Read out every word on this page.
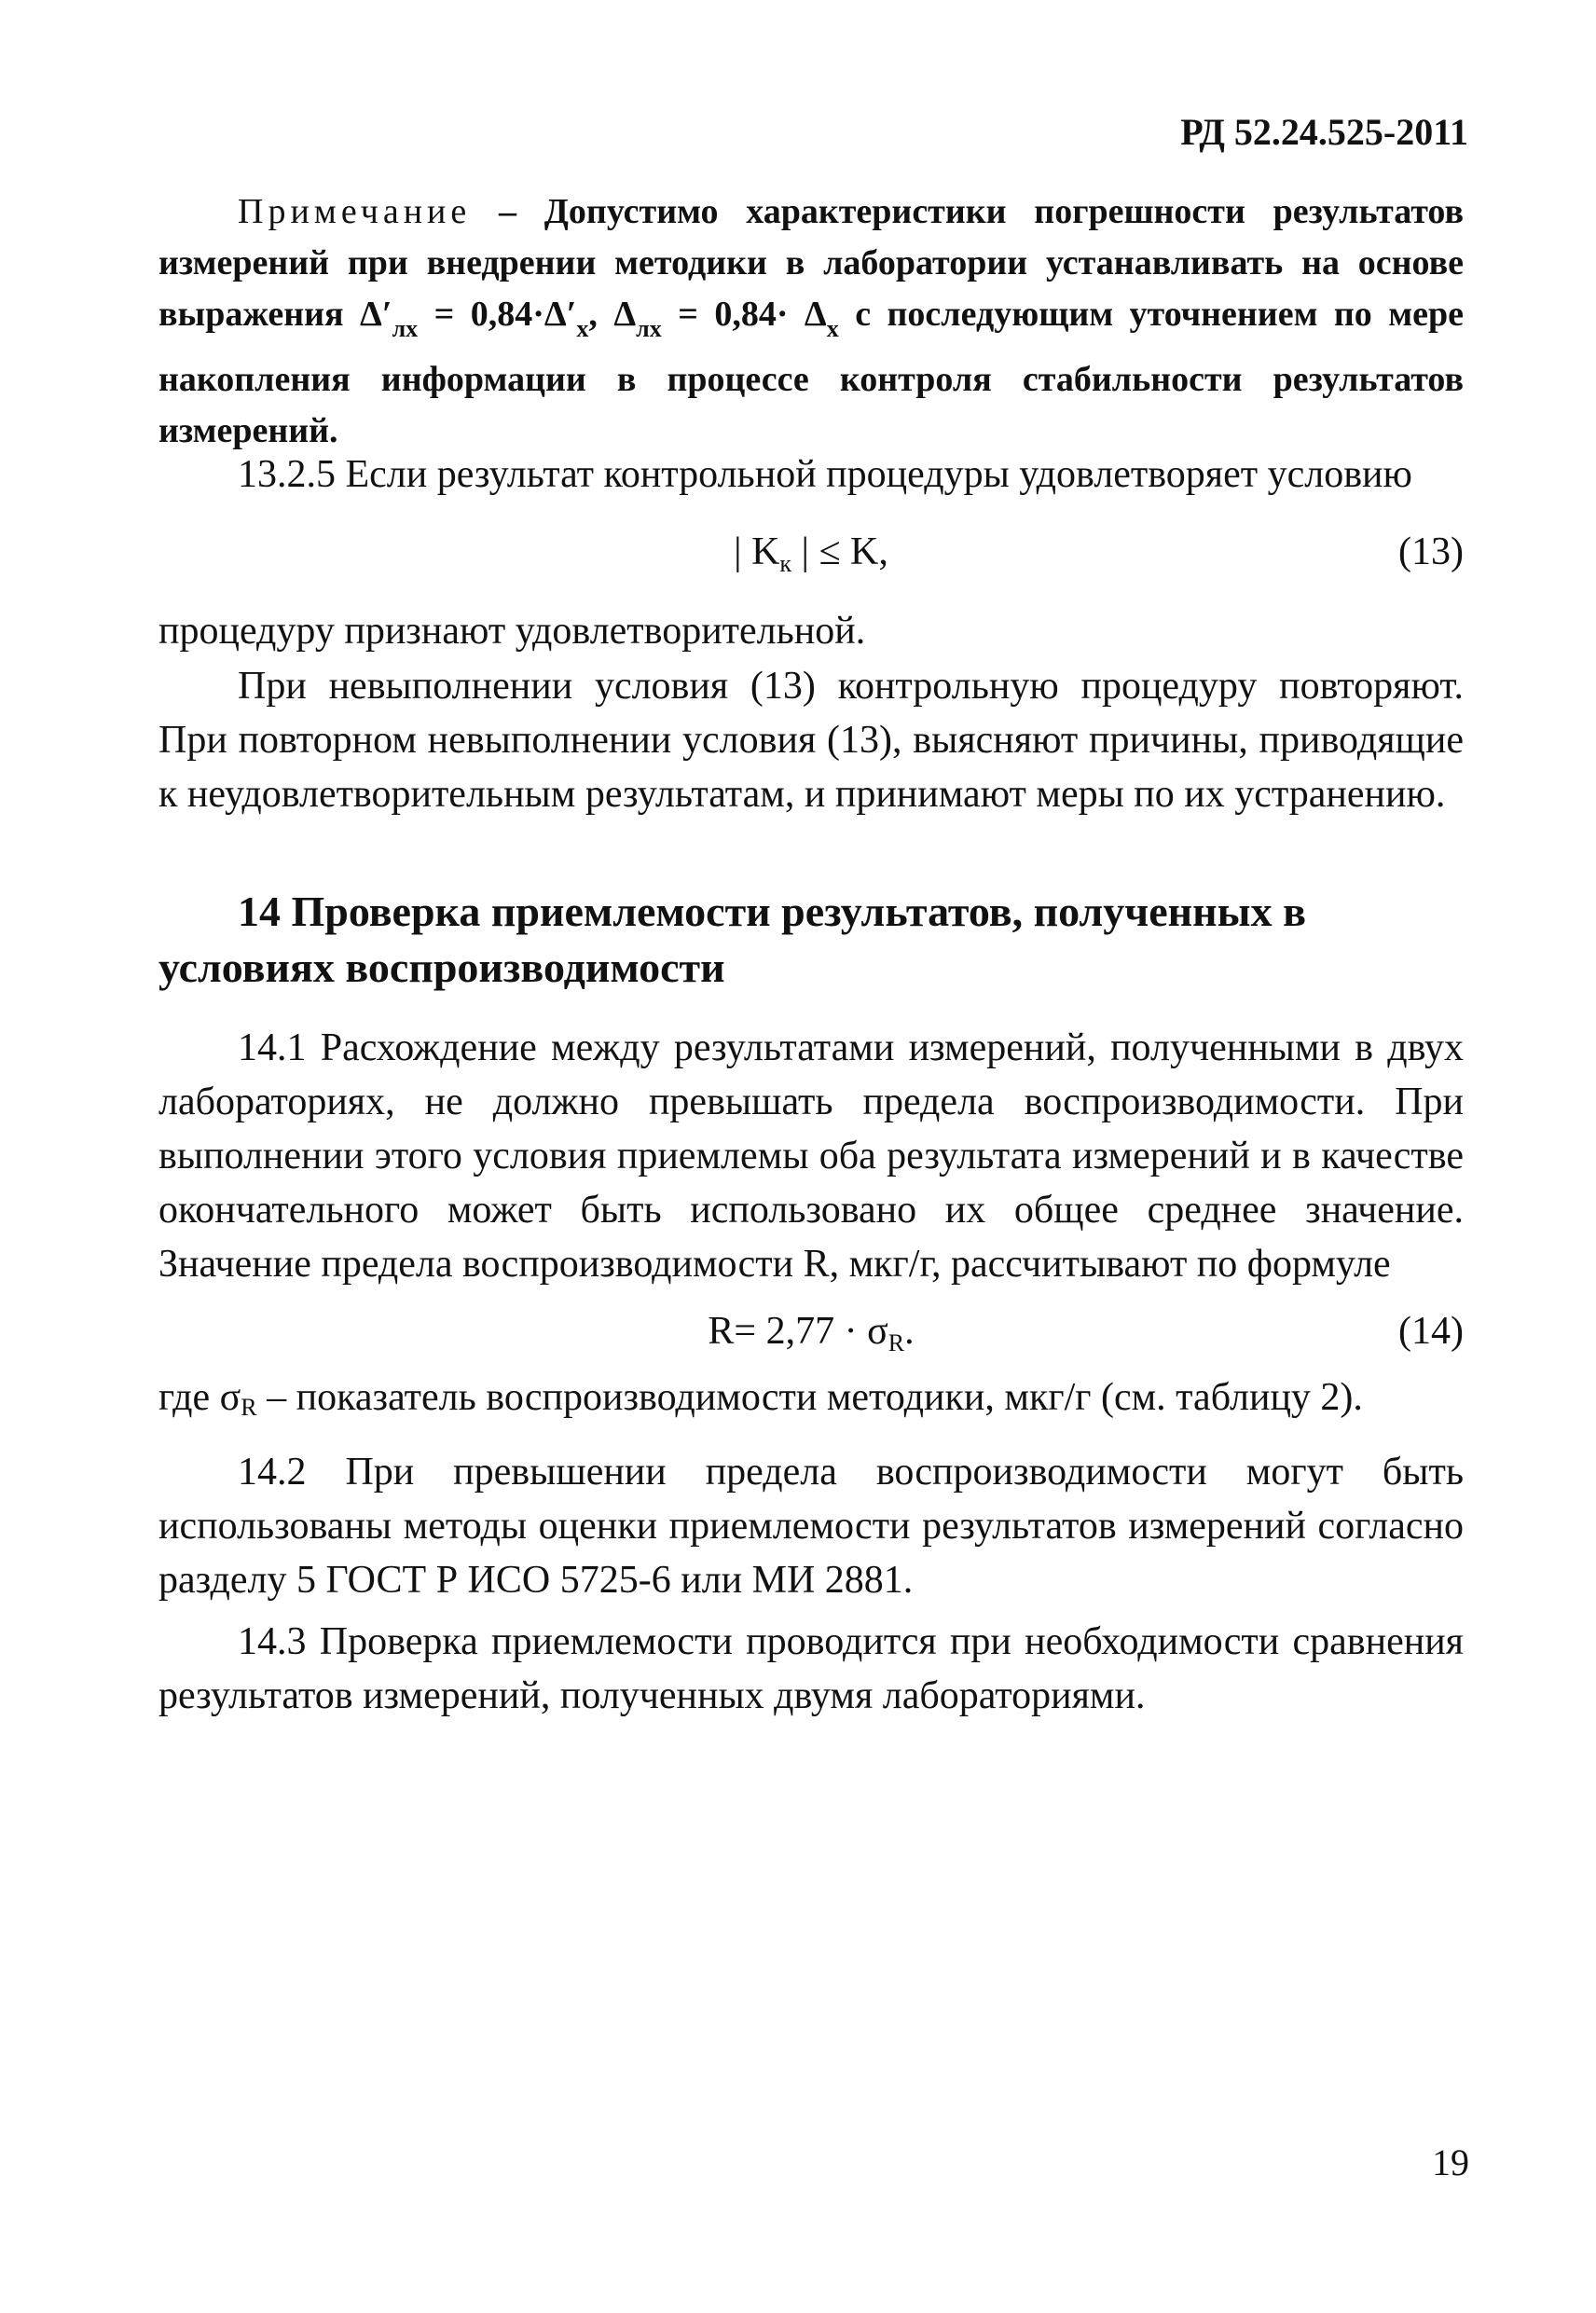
РД 52.24.525-2011
Примечание – Допустимо характеристики погрешности результатов измерений при внедрении методики в лаборатории устанавливать на основе выражения $\Delta'_{лх} = 0,84\cdot\Delta'_х$, $\Delta_{лх} = 0,84\cdot \Delta_х$ с последующим уточнением по мере накопления информации в процессе контроля стабильности результатов измерений.

13.2.5 Если результат контрольной процедуры удовлетворяет условию

| $K_к$ | ≤ K,	(13)

процедуру признают удовлетворительной.

При невыполнении условия (13) контрольную процедуру повторяют. При повторном невыполнении условия (13), выясняют причины, приводящие к неудовлетворительным результатам, и принимают меры по их устранению.

14 Проверка приемлемости результатов, полученных в условиях воспроизводимости

14.1 Расхождение между результатами измерений, полученными в двух лабораториях, не должно превышать предела воспроизводимости. При выполнении этого условия приемлемы оба результата измерений и в качестве окончательного может быть использовано их общее среднее значение. Значение предела воспроизводимости R, мкг/г, рассчитывают по формуле

$R= 2,77 \cdot \sigma_R$.	(14)

где $\sigma_R$ – показатель воспроизводимости методики, мкг/г (см. таблицу 2).

14.2 При превышении предела воспроизводимости могут быть использованы методы оценки приемлемости результатов измерений согласно разделу 5 ГОСТ Р ИСО 5725-6 или МИ 2881.

14.3 Проверка приемлемости проводится при необходимости сравнения результатов измерений, полученных двумя лабораториями.

19
